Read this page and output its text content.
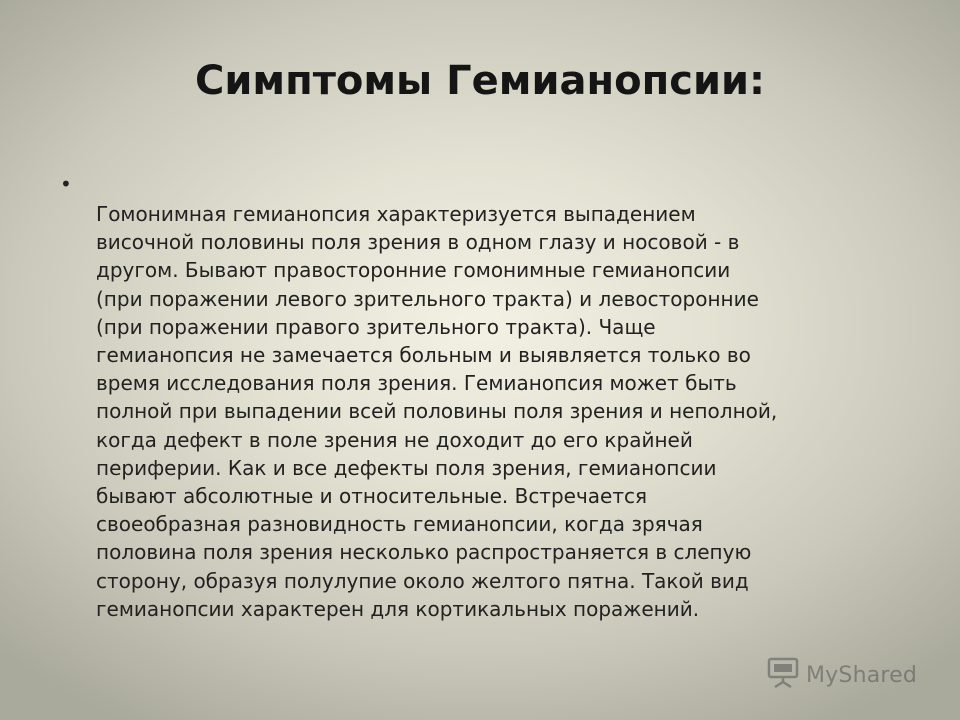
Симптомы Гемианопсии:
•

Гомонимная гемианопсия характеризуется выпадением
височной половины поля зрения в одном глазу и носовой - в
другом. Бывают правосторонние гомонимные гемианопсии
(при поражении левого зрительного тракта) и левосторонние
(при поражении правого зрительного тракта). Чаще
гемианопсия не замечается больным и выявляется только во
время исследования поля зрения. Гемианопсия может быть
полной при выпадении всей половины поля зрения и неполной,
когда дефект в поле зрения не доходит до его крайней
периферии. Как и все дефекты поля зрения, гемианопсии
бывают абсолютные и относительные. Встречается
своеобразная разновидность гемианопсии, когда зрячая
половина поля зрения несколько распространяется в слепую
сторону, образуя полулупие около желтого пятна. Такой вид
гемианопсии характерен для кортикальных поражений.

MyShared
